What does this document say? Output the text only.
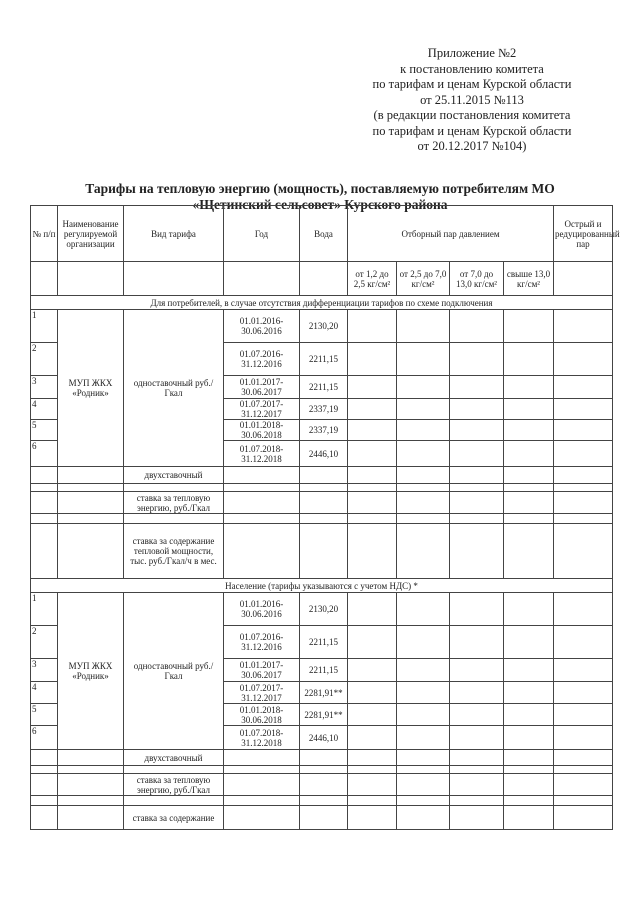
Приложение №2
к постановлению комитета
по тарифам и ценам Курской области
от 25.11.2015 №113
(в редакции постановления комитета
по тарифам и ценам Курской области
от 20.12.2017 №104)
Тарифы на тепловую энергию (мощность), поставляемую потребителям МО
«Щетинский сельсовет» Курского района
№ п/п	Наименование регулируемой организации	Вид тарифа	Год	Вода	Отборный пар давлением				Острый и редуцированный пар
					от 1,2 до 2,5 кг/см²	от 2,5 до 7,0 кг/см²	от 7,0 до 13,0 кг/см²	свыше 13,0 кг/см²	
Для потребителей, в случае отсутствия дифференциации тарифов по схеме подключения									
1	МУП ЖКХ «Родник»	одноставочный руб./Гкал	01.01.2016-30.06.2016	2130,20					
2			01.07.2016-31.12.2016	2211,15					
3			01.01.2017-30.06.2017	2211,15					
4			01.07.2017-31.12.2017	2337,19					
5			01.01.2018-30.06.2018	2337,19					
6			01.07.2018-31.12.2018	2446,10					
		двухставочный							

		ставка за тепловую энергию, руб./Гкал							

		ставка за содержание тепловой мощности, тыс. руб./Гкал/ч в мес.							
Население (тарифы указываются с учетом НДС) *									
1	МУП ЖКХ «Родник»	одноставочный руб./Гкал	01.01.2016-30.06.2016	2130,20					
2			01.07.2016-31.12.2016	2211,15					
3			01.01.2017-30.06.2017	2211,15					
4			01.07.2017-31.12.2017	2281,91**					
5			01.01.2018-30.06.2018	2281,91**					
6			01.07.2018-31.12.2018	2446,10					
		двухставочный							

		ставка за тепловую энергию, руб./Гкал							

		ставка за содержание							
